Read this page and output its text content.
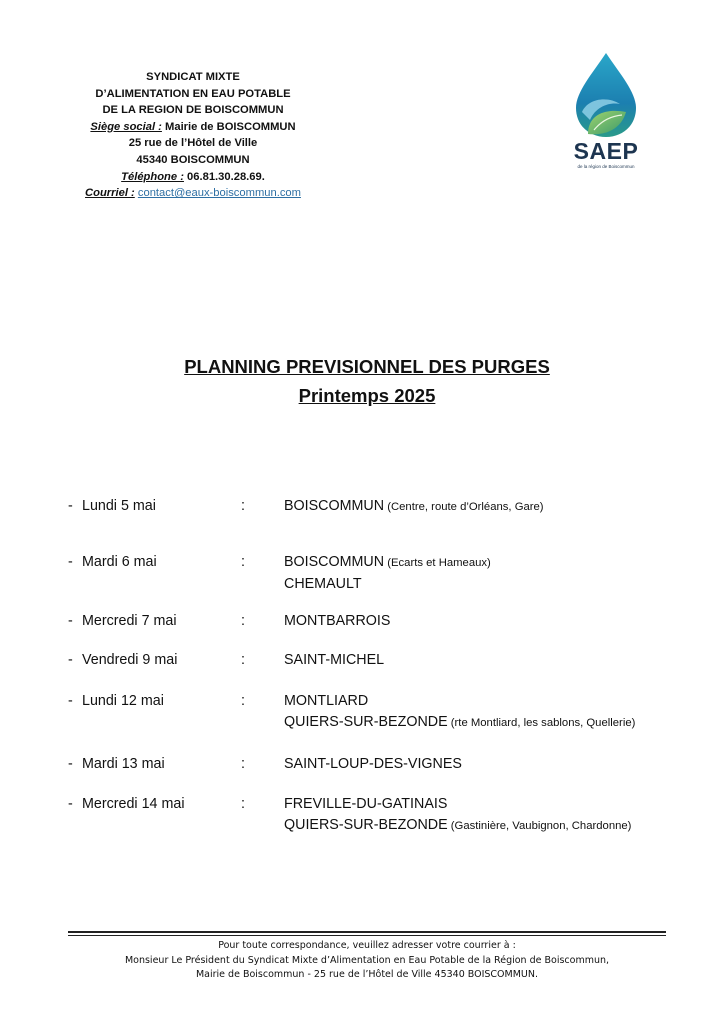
SYNDICAT MIXTE
D’ALIMENTATION EN EAU POTABLE
DE LA REGION DE BOISCOMMUN
Siège social : Mairie de BOISCOMMUN
25 rue de l’Hôtel de Ville
45340 BOISCOMMUN
Téléphone : 06.81.30.28.69.
Courriel : contact@eaux-boiscommun.com
SAEP
de la région de Boiscommun
PLANNING PREVISIONNEL DES PURGES
Printemps 2025
- Lundi 5 mai	:	BOISCOMMUN (Centre, route d’Orléans, Gare)
- Mardi 6 mai	:	BOISCOMMUN (Ecarts et Hameaux)
CHEMAULT
- Mercredi 7 mai	:	MONTBARROIS
- Vendredi 9 mai	:	SAINT-MICHEL
- Lundi 12 mai	:	MONTLIARD
QUIERS-SUR-BEZONDE (rte Montliard, les sablons, Quellerie)
- Mardi 13 mai	:	SAINT-LOUP-DES-VIGNES
- Mercredi 14 mai	:	FREVILLE-DU-GATINAIS
QUIERS-SUR-BEZONDE (Gastinière, Vaubignon, Chardonne)
Pour toute correspondance, veuillez adresser votre courrier à :
Monsieur Le Président du Syndicat Mixte d’Alimentation en Eau Potable de la Région de Boiscommun,
Mairie de Boiscommun - 25 rue de l’Hôtel de Ville 45340 BOISCOMMUN.
